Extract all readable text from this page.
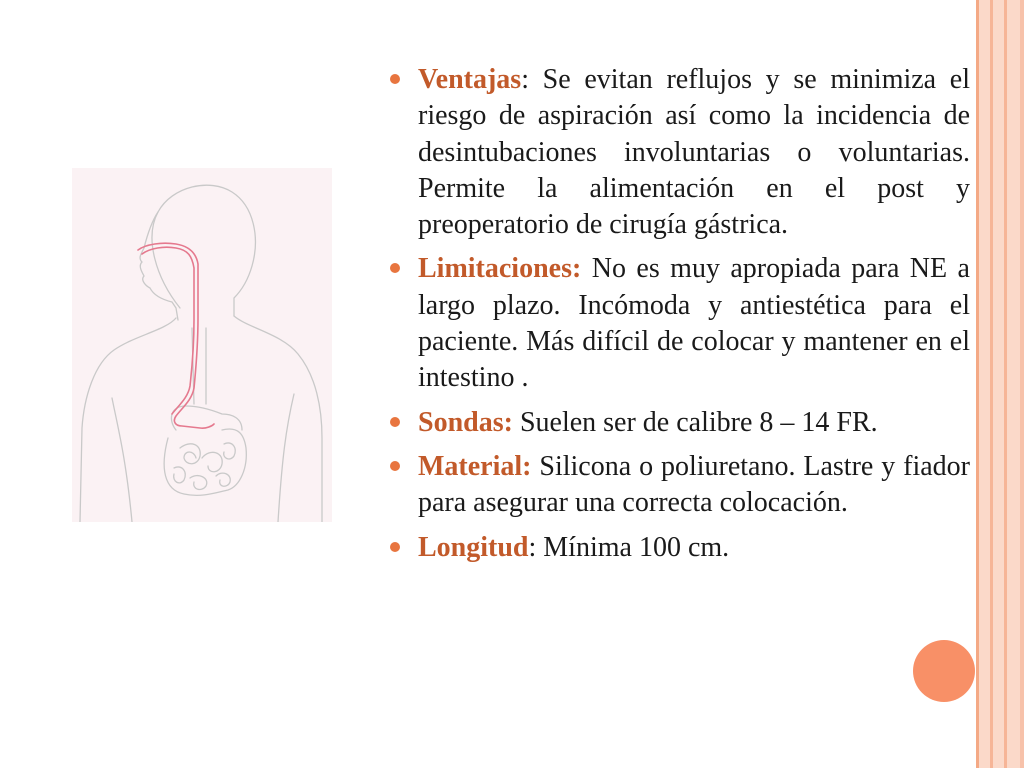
Ventajas: Se evitan reflujos y se minimiza el riesgo de aspiración así como la incidencia de desintubaciones involuntarias o voluntarias. Permite la alimentación en el post y preoperatorio de cirugía gástrica.
Limitaciones: No es muy apropiada para NE a largo plazo. Incómoda y antiestética para el paciente. Más difícil de colocar y mantener en el intestino .
Sondas: Suelen ser de calibre 8 – 14 FR.
Material: Silicona o poliuretano. Lastre y fiador para asegurar una correcta colocación.
Longitud: Mínima 100 cm.
